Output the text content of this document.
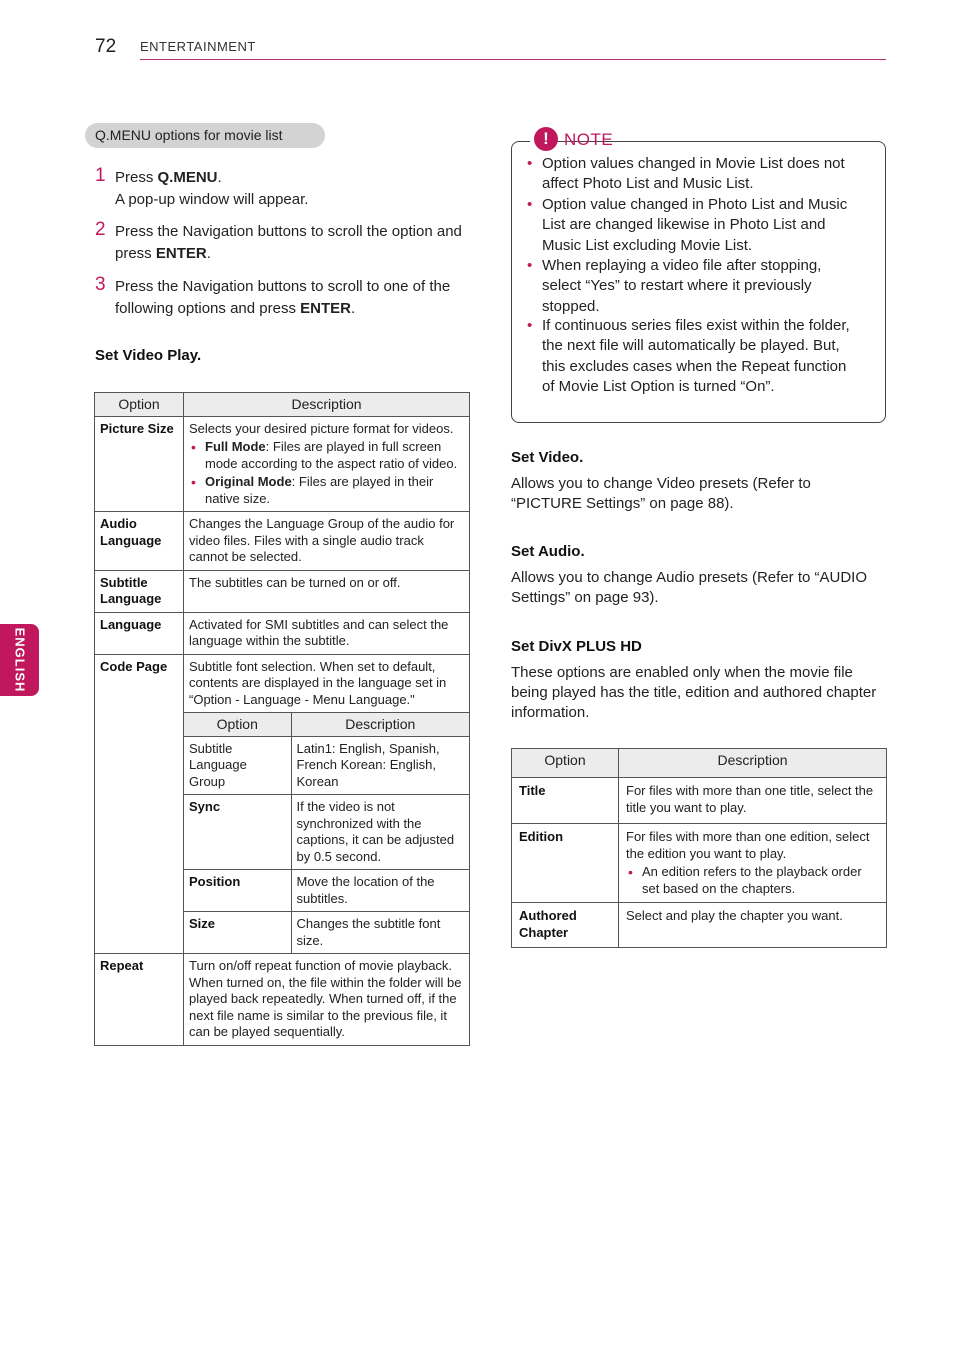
72 ENTERTAINMENT
ENGLISH
Q.MENU options for movie list
1 Press Q.MENU.
A pop-up window will appear.
2 Press the Navigation buttons to scroll the option and press ENTER.
3 Press the Navigation buttons to scroll to one of the following options and press ENTER.
Set Video Play.
Option	Description
Picture Size	Selects your desired picture format for videos.
• Full Mode: Files are played in full screen mode according to the aspect ratio of video.
• Original Mode: Files are played in their native size.

Audio Language	Changes the Language Group of the audio for video files. Files with a single audio track cannot be selected.
Subtitle Language	The subtitles can be turned on or off.
Language	Activated for SMI subtitles and can select the language within the subtitle.
Code Page	Subtitle font selection. When set to default, contents are displayed in the language set in “Option - Language - Menu Language."
Option	Description
Subtitle Language Group	Latin1: English, Spanish, French Korean: English, Korean
Sync	If the video is not synchronized with the captions, it can be adjusted by 0.5 second.
Position	Move the location of the subtitles.
Size	Changes the subtitle font size.

Repeat	Turn on/off repeat function of movie playback. When turned on, the file within the folder will be played back repeatedly. When turned off, if the next file name is similar to the previous file, it can be played sequentially.
! NOTE
• Option values changed in Movie List does not affect Photo List and Music List.
• Option value changed in Photo List and Music List are changed likewise in Photo List and Music List excluding Movie List.
• When replaying a video file after stopping, select “Yes” to restart where it previously stopped.
• If continuous series files exist within the folder, the next file will automatically be played. But, this excludes cases when the Repeat function of Movie List Option is turned “On”.
Set Video.
Allows you to change Video presets (Refer to “PICTURE Settings” on page 88).
Set Audio.
Allows you to change Audio presets (Refer to “AUDIO Settings” on page 93).
Set DivX PLUS HD
These options are enabled only when the movie file being played has the title, edition and authored chapter information.
Option	Description
Title	For files with more than one title, select the title you want to play.
Edition	For files with more than one edition, select the edition you want to play.
• An edition refers to the playback order set based on the chapters.

Authored Chapter	Select and play the chapter you want.
